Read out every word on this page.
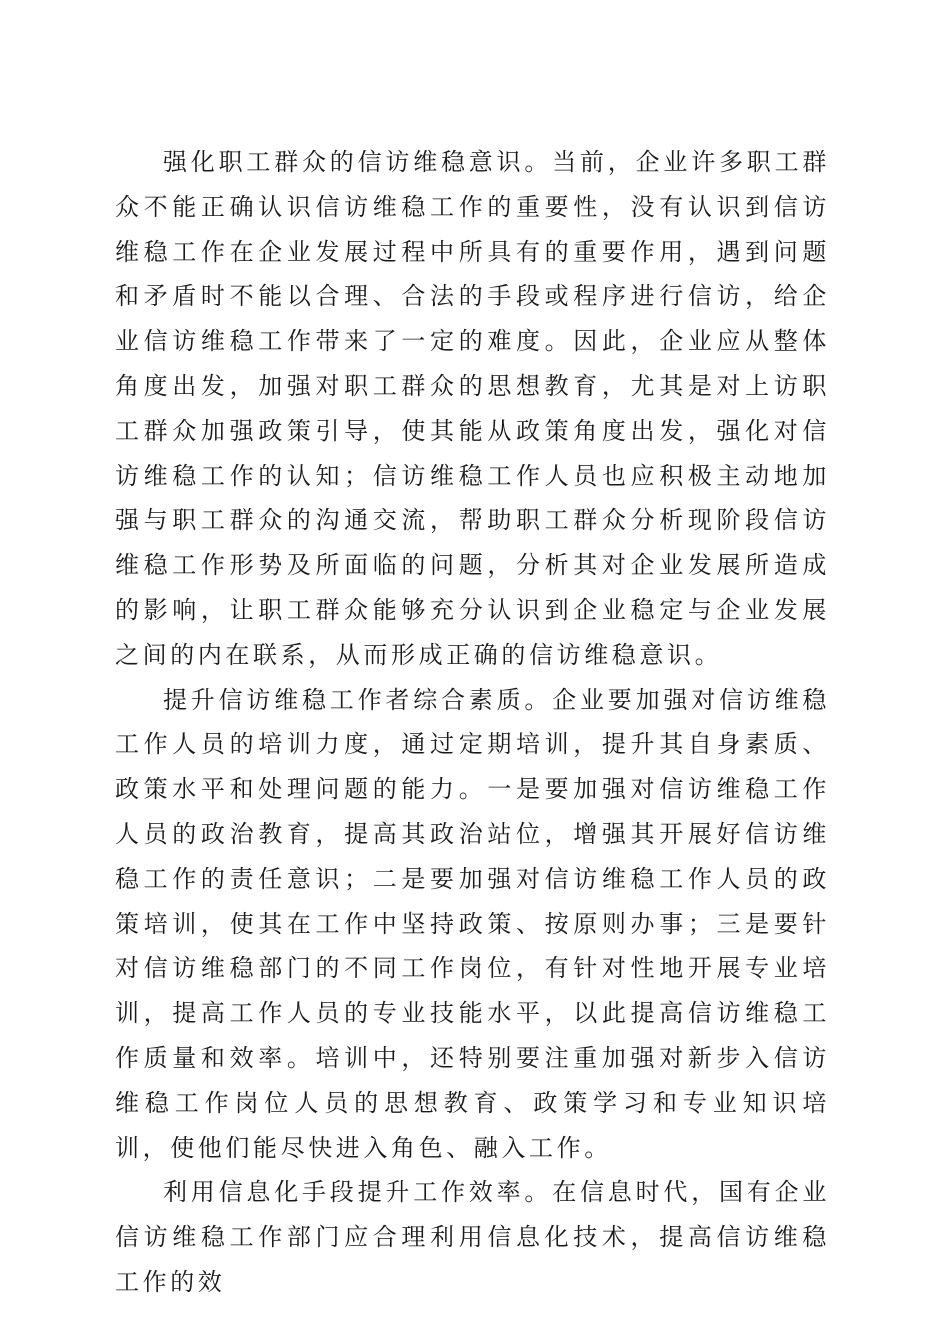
强化职工群众的信访维稳意识。当前，企业许多职工群众不能正确认识信访维稳工作的重要性，没有认识到信访维稳工作在企业发展过程中所具有的重要作用，遇到问题和矛盾时不能以合理、合法的手段或程序进行信访，给企业信访维稳工作带来了一定的难度。因此，企业应从整体角度出发，加强对职工群众的思想教育，尤其是对上访职工群众加强政策引导，使其能从政策角度出发，强化对信访维稳工作的认知；信访维稳工作人员也应积极主动地加强与职工群众的沟通交流，帮助职工群众分析现阶段信访维稳工作形势及所面临的问题，分析其对企业发展所造成的影响，让职工群众能够充分认识到企业稳定与企业发展之间的内在联系，从而形成正确的信访维稳意识。

提升信访维稳工作者综合素质。企业要加强对信访维稳工作人员的培训力度，通过定期培训，提升其自身素质、政策水平和处理问题的能力。一是要加强对信访维稳工作人员的政治教育，提高其政治站位，增强其开展好信访维稳工作的责任意识；二是要加强对信访维稳工作人员的政策培训，使其在工作中坚持政策、按原则办事；三是要针对信访维稳部门的不同工作岗位，有针对性地开展专业培训，提高工作人员的专业技能水平，以此提高信访维稳工作质量和效率。培训中，还特别要注重加强对新步入信访维稳工作岗位人员的思想教育、政策学习和专业知识培训，使他们能尽快进入角色、融入工作。

利用信息化手段提升工作效率。在信息时代，国有企业信访维稳工作部门应合理利用信息化技术，提高信访维稳工作的效
